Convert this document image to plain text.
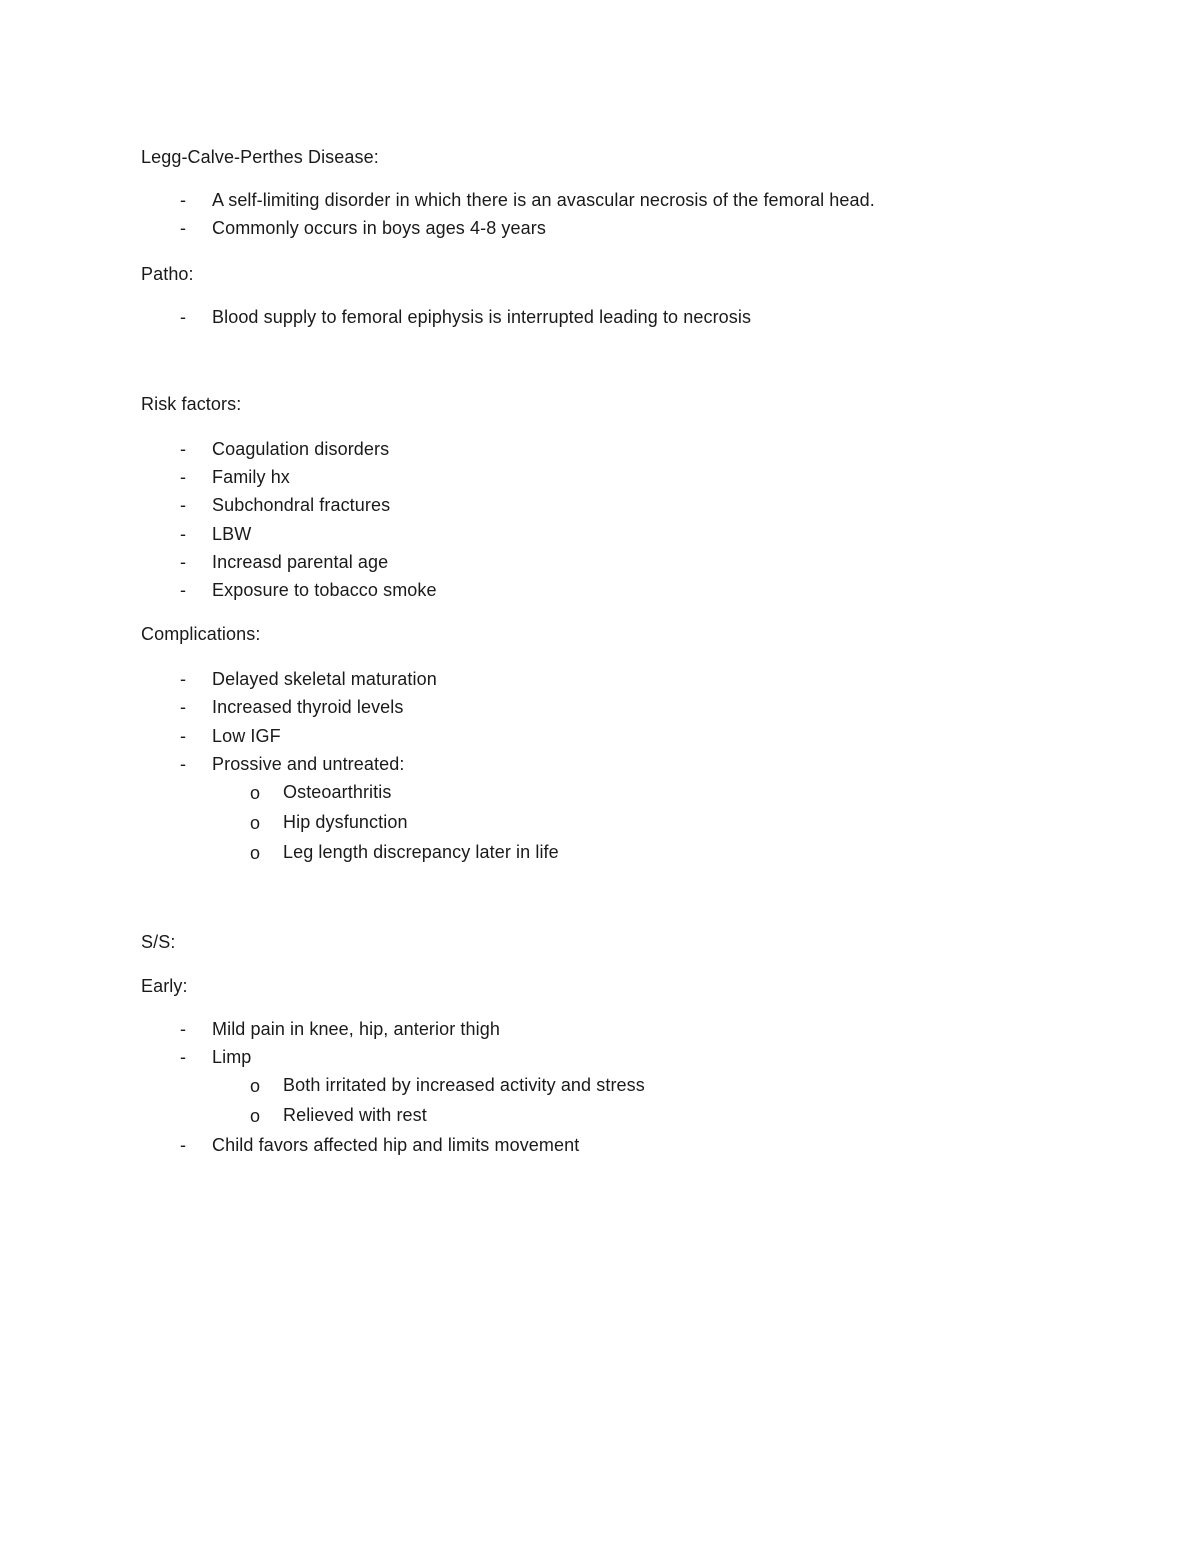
Legg-Calve-Perthes Disease:
- A self-limiting disorder in which there is an avascular necrosis of the femoral head.
- Commonly occurs in boys ages 4-8 years
Patho:
- Blood supply to femoral epiphysis is interrupted leading to necrosis
Risk factors:
- Coagulation disorders
- Family hx
- Subchondral fractures
- LBW
- Increasd parental age
- Exposure to tobacco smoke
Complications:
- Delayed skeletal maturation
- Increased thyroid levels
- Low IGF
- Prossive and untreated:
o Osteoarthritis
o Hip dysfunction
o Leg length discrepancy later in life
S/S:
Early:
- Mild pain in knee, hip, anterior thigh
- Limp
o Both irritated by increased activity and stress
o Relieved with rest
- Child favors affected hip and limits movement
